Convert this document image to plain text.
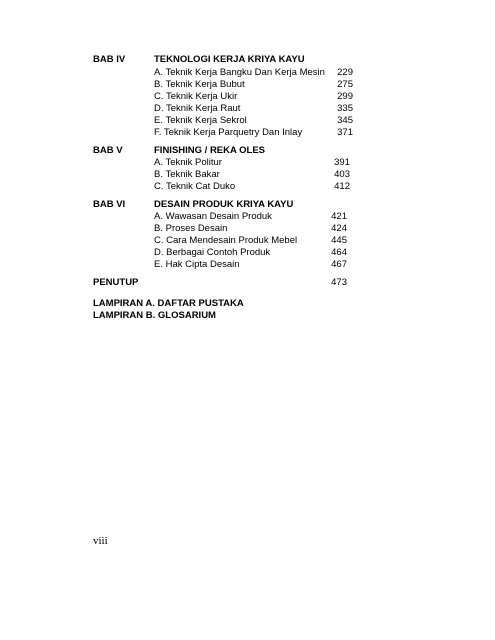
BAB IV	TEKNOLOGI KERJA KRIYA KAYU
A. Teknik Kerja Bangku Dan Kerja Mesin	229
B. Teknik Kerja Bubut	275
C. Teknik Kerja Ukir	299
D. Teknik Kerja Raut	335
E. Teknik Kerja Sekrol	345
F. Teknik Kerja Parquetry Dan Inlay	371
BAB V	FINISHING / REKA OLES
A. Teknik Politur	391
B. Teknik Bakar	403
C. Teknik Cat Duko	412
BAB VI	DESAIN PRODUK KRIYA KAYU
A. Wawasan Desain Produk	421
B. Proses Desain	424
C. Cara Mendesain Produk Mebel	445
D. Berbagai Contoh Produk	464
E. Hak Cipta Desain	467
PENUTUP	473
LAMPIRAN A. DAFTAR PUSTAKA
LAMPIRAN B. GLOSARIUM
viii
